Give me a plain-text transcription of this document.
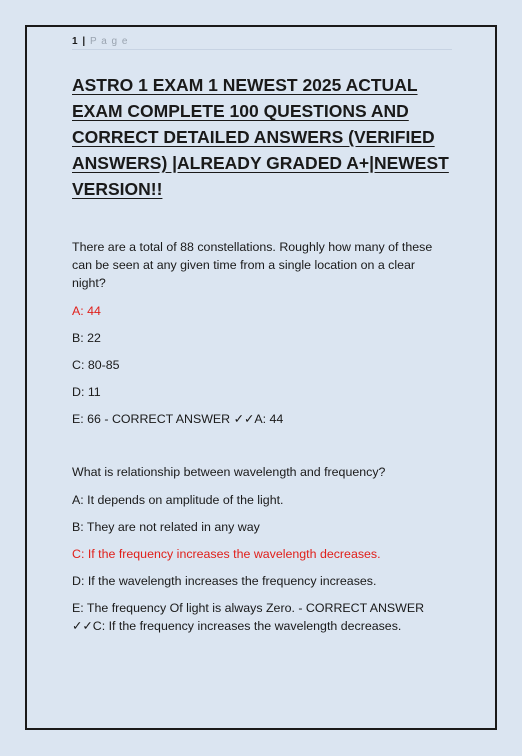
1 | P a g e
ASTRO 1 EXAM 1 NEWEST 2025 ACTUAL EXAM COMPLETE 100 QUESTIONS AND CORRECT DETAILED ANSWERS (VERIFIED ANSWERS) |ALREADY GRADED A+|NEWEST VERSION!!

There are a total of 88 constellations. Roughly how many of these can be seen at any given time from a single location on a clear night?

A: 44

B: 22

C: 80-85

D: 11

E: 66 - CORRECT ANSWER ✓✓A: 44

What is relationship between wavelength and frequency?

A: It depends on amplitude of the light.

B: They are not related in any way

C: If the frequency increases the wavelength decreases.

D: If the wavelength increases the frequency increases.

E: The frequency Of light is always Zero. - CORRECT ANSWER ✓✓C: If the frequency increases the wavelength decreases.
